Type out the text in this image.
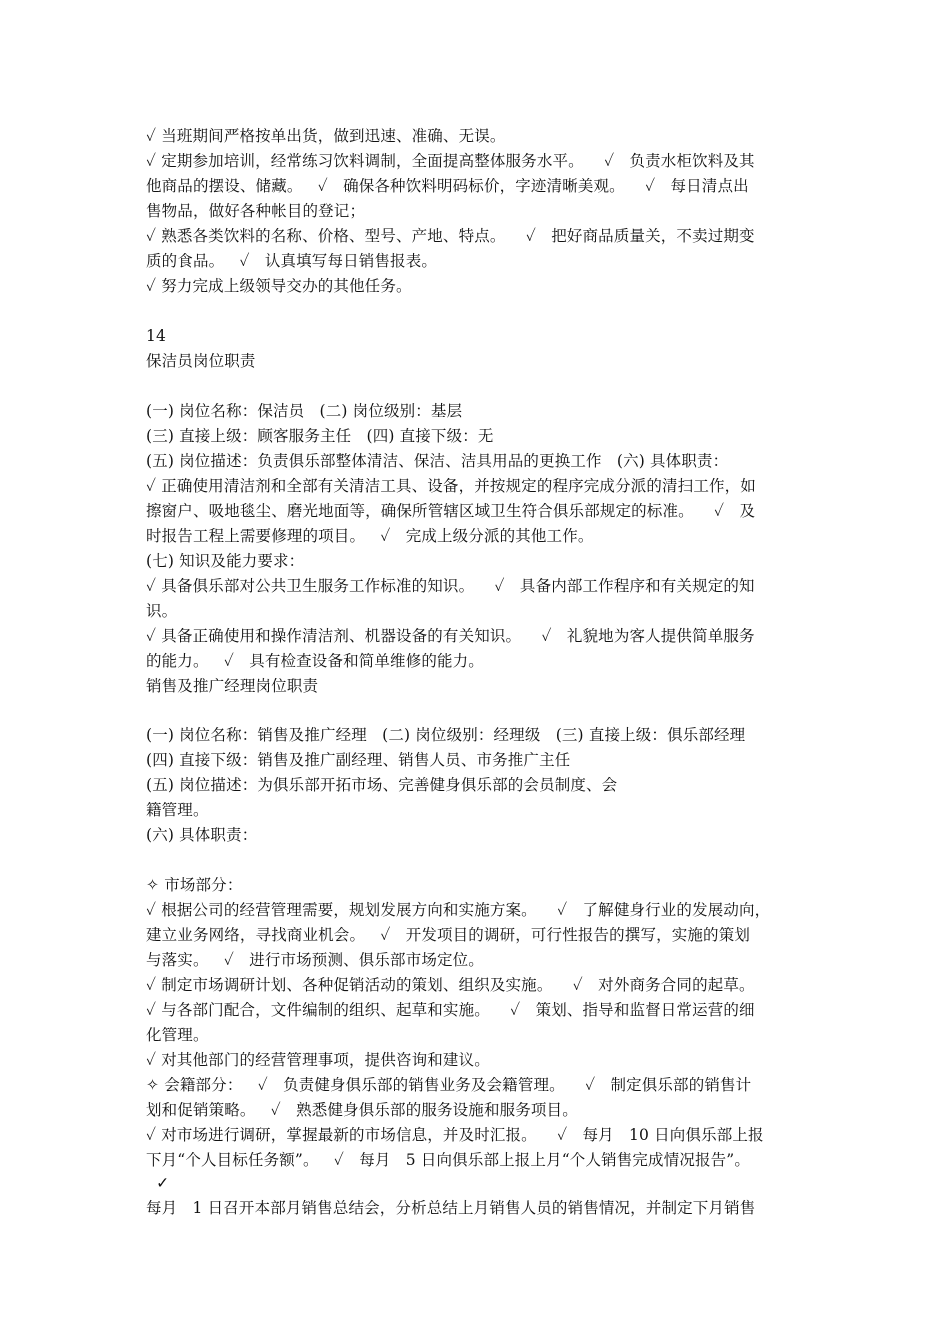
✓ 当班期间严格按单出货，做到迅速、准确、无误。
✓ 定期参加培训，经常练习饮料调制，全面提高整体服务水平。    ✓   负责水柜饮料及其
他商品的摆设、储藏。   ✓   确保各种饮料明码标价，字迹清晰美观。    ✓   每日清点出
售物品，做好各种帐目的登记；
✓ 熟悉各类饮料的名称、价格、型号、产地、特点。    ✓   把好商品质量关，不卖过期变
质的食品。   ✓   认真填写每日销售报表。
✓ 努力完成上级领导交办的其他任务。
14
保洁员岗位职责
(一) 岗位名称：保洁员   (二) 岗位级别：基层
(三) 直接上级：顾客服务主任   (四) 直接下级：无
(五) 岗位描述：负责俱乐部整体清洁、保洁、洁具用品的更换工作   (六) 具体职责：
✓ 正确使用清洁剂和全部有关清洁工具、设备，并按规定的程序完成分派的清扫工作，如
擦窗户、吸地毯尘、磨光地面等，确保所管辖区域卫生符合俱乐部规定的标准。    ✓   及
时报告工程上需要修理的项目。   ✓   完成上级分派的其他工作。
(七) 知识及能力要求：
✓ 具备俱乐部对公共卫生服务工作标准的知识。    ✓   具备内部工作程序和有关规定的知
识。
✓ 具备正确使用和操作清洁剂、机器设备的有关知识。    ✓   礼貌地为客人提供简单服务
的能力。   ✓   具有检查设备和简单维修的能力。
销售及推广经理岗位职责
(一) 岗位名称：销售及推广经理   (二) 岗位级别：经理级   (三) 直接上级：俱乐部经理
(四) 直接下级：销售及推广副经理、销售人员、市务推广主任
(五) 岗位描述：为俱乐部开拓市场、完善健身俱乐部的会员制度、会
籍管理。
(六) 具体职责：
✧ 市场部分：
✓ 根据公司的经营管理需要，规划发展方向和实施方案。    ✓   了解健身行业的发展动向，
建立业务网络，寻找商业机会。   ✓   开发项目的调研，可行性报告的撰写，实施的策划
与落实。   ✓   进行市场预测、俱乐部市场定位。
✓ 制定市场调研计划、各种促销活动的策划、组织及实施。    ✓   对外商务合同的起草。
✓ 与各部门配合，文件编制的组织、起草和实施。    ✓   策划、指导和监督日常运营的细
化管理。
✓ 对其他部门的经营管理事项，提供咨询和建议。
✧ 会籍部分：   ✓   负责健身俱乐部的销售业务及会籍管理。    ✓   制定俱乐部的销售计
划和促销策略。   ✓   熟悉健身俱乐部的服务设施和服务项目。
✓ 对市场进行调研，掌握最新的市场信息，并及时汇报。    ✓   每月   10 日向俱乐部上报
下月“个人目标任务额”。   ✓   每月   5 日向俱乐部上报上月“个人销售完成情况报告”。
✓
每月   1 日召开本部月销售总结会，分析总结上月销售人员的销售情况，并制定下月销售
